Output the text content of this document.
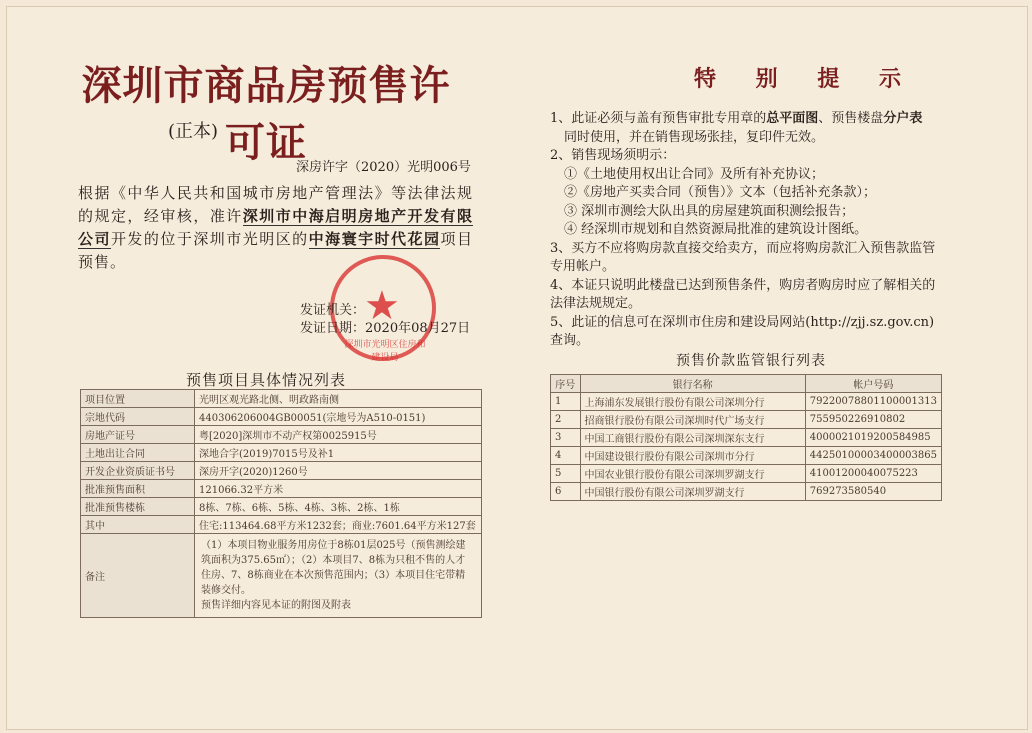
深圳市商品房预售许可证
(正本)
深房许字（2020）光明006号
根据《中华人民共和国城市房地产管理法》等法律法规的规定，经审核，准许深圳市中海启明房地产开发有限公司开发的位于深圳市光明区的中海寰宇时代花园项目预售。
★
深圳市光明区住房和建设局
发证机关：
发证日期：2020年08月27日
预售项目具体情况列表
项目位置	光明区观光路北侧、明政路南侧
宗地代码	440306206004GB00051(宗地号为A510-0151)
房地产证号	粤[2020]深圳市不动产权第0025915号
土地出让合同	深地合字(2019)7015号及补1
开发企业资质证书号	深房开字(2020)1260号
批准预售面积	121066.32平方米
批准预售楼栋	8栋、7栋、6栋、5栋、4栋、3栋、2栋、1栋
其中	住宅:113464.68平方米1232套；商业:7601.64平方米127套
备注	（1）本项目物业服务用房位于8栋01层025号（预售测绘建筑面积为375.65㎡）；（2）本项目7、8栋为只租不售的人才住房、7、8栋商业在本次预售范围内；（3）本项目住宅带精装修交付。
预售详细内容见本证的附图及附表
特 别 提 示

1、此证必须与盖有预售审批专用章的总平面图、预售楼盘分户表

同时使用，并在销售现场张挂，复印件无效。

2、销售现场须明示：

①《土地使用权出让合同》及所有补充协议；

②《房地产买卖合同（预售）》文本（包括补充条款）；

③ 深圳市测绘大队出具的房屋建筑面积测绘报告；

④ 经深圳市规划和自然资源局批准的建筑设计图纸。

3、买方不应将购房款直接交给卖方，而应将购房款汇入预售款监管专用帐户。

4、本证只说明此楼盘已达到预售条件，购房者购房时应了解相关的法律法规规定。

5、此证的信息可在深圳市住房和建设局网站(http://zjj.sz.gov.cn)查询。

预售价款监管银行列表
序号	银行名称	帐户号码
1	上海浦东发展银行股份有限公司深圳分行	79220078801100001313
2	招商银行股份有限公司深圳时代广场支行	755950226910802
3	中国工商银行股份有限公司深圳深东支行	4000021019200584985
4	中国建设银行股份有限公司深圳市分行	44250100003400003865
5	中国农业银行股份有限公司深圳罗湖支行	41001200040075223
6	中国银行股份有限公司深圳罗湖支行	769273580540
